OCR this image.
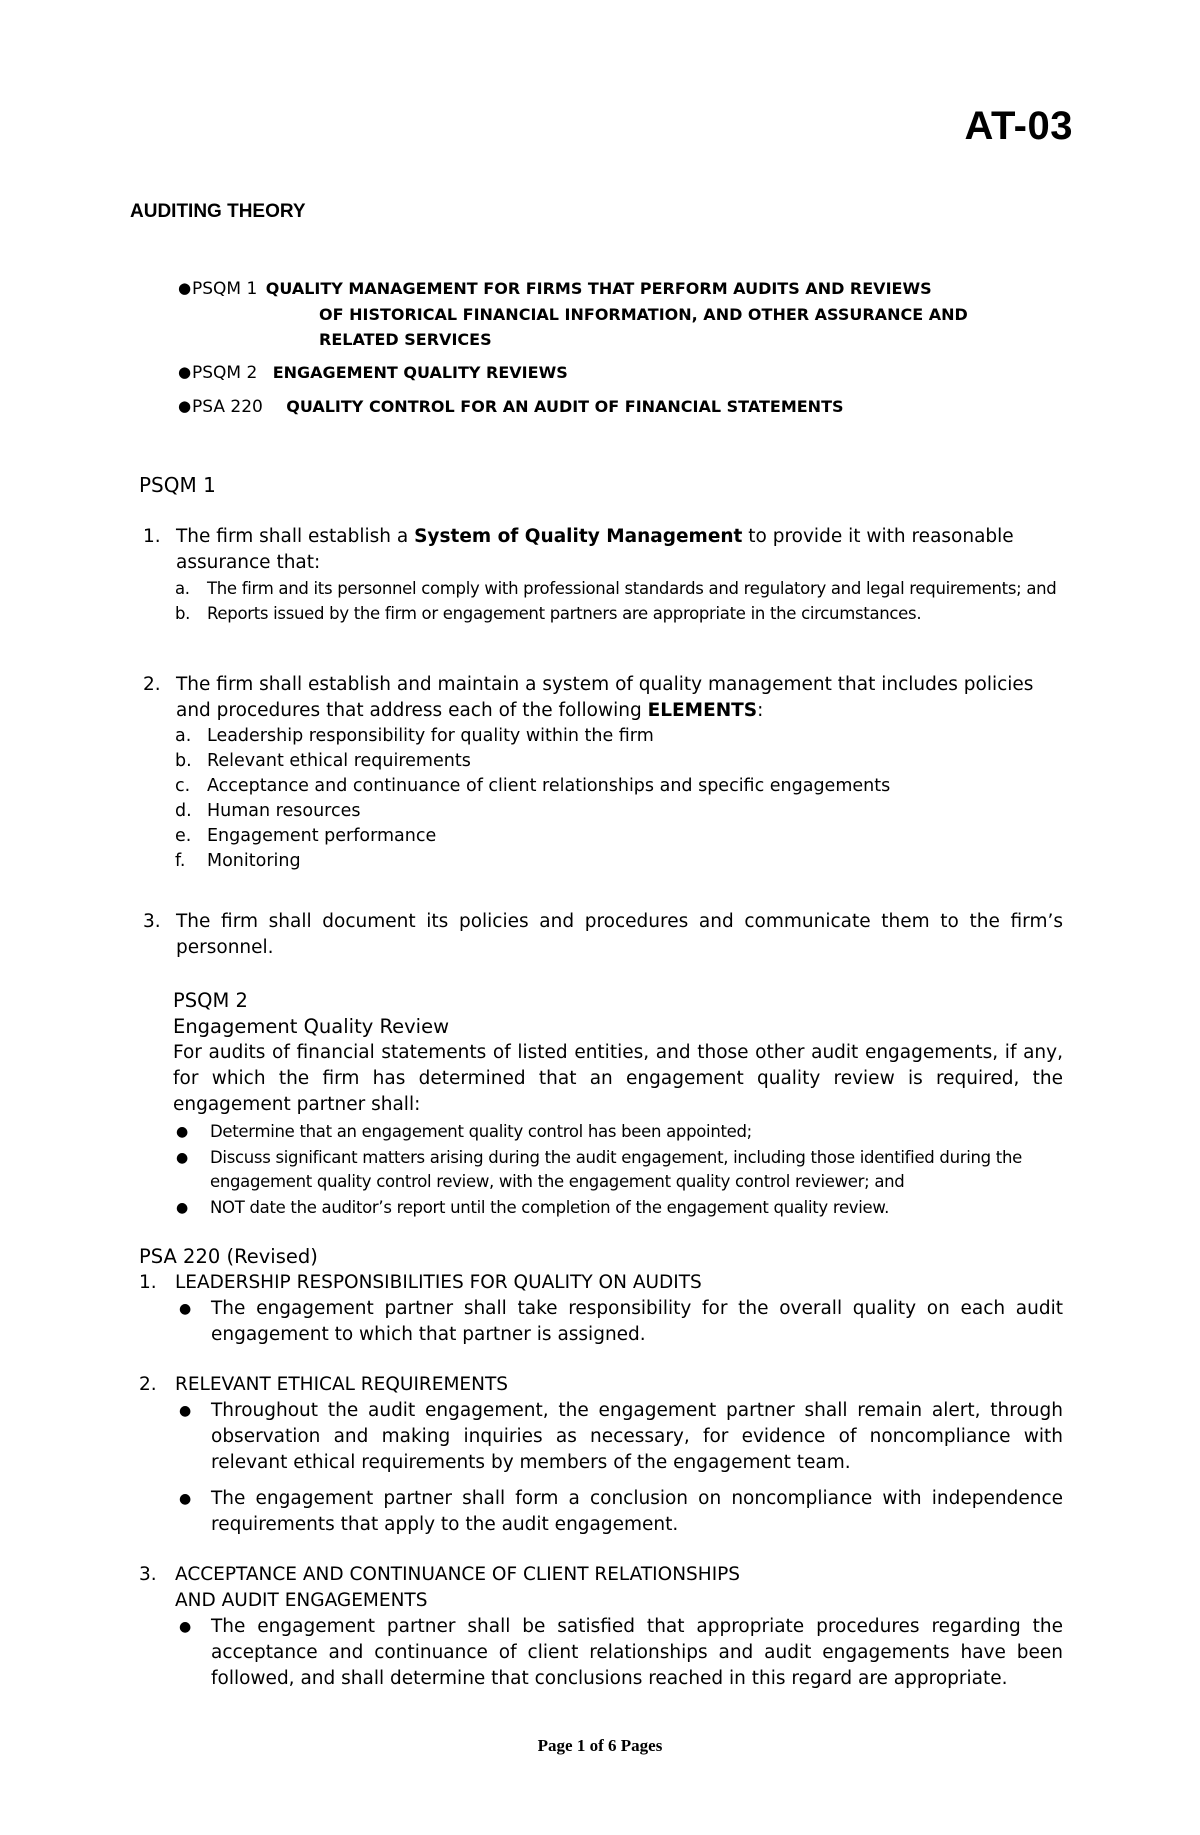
AT-03
AUDITING THEORY
● PSQM 1 QUALITY MANAGEMENT FOR FIRMS THAT PERFORM AUDITS AND REVIEWS
OF HISTORICAL FINANCIAL INFORMATION, AND OTHER ASSURANCE AND
RELATED SERVICES
● PSQM 2 ENGAGEMENT QUALITY REVIEWS
● PSA 220 QUALITY CONTROL FOR AN AUDIT OF FINANCIAL STATEMENTS
PSQM 1
1. The firm shall establish a System of Quality Management to provide it with reasonable assurance that:
a. The firm and its personnel comply with professional standards and regulatory and legal requirements; and
b. Reports issued by the firm or engagement partners are appropriate in the circumstances.
2. The firm shall establish and maintain a system of quality management that includes policies and procedures that address each of the following ELEMENTS:
a. Leadership responsibility for quality within the firm
b. Relevant ethical requirements
c. Acceptance and continuance of client relationships and specific engagements
d. Human resources
e. Engagement performance
f. Monitoring
3. The firm shall document its policies and procedures and communicate them to the firm’s personnel.
PSQM 2
Engagement Quality Review
For audits of financial statements of listed entities, and those other audit engagements, if any, for which the firm has determined that an engagement quality review is required, the engagement partner shall:
● Determine that an engagement quality control has been appointed;
● Discuss significant matters arising during the audit engagement, including those identified during the engagement quality control review, with the engagement quality control reviewer; and
● NOT date the auditor’s report until the completion of the engagement quality review.
PSA 220 (Revised)
1. LEADERSHIP RESPONSIBILITIES FOR QUALITY ON AUDITS
● The engagement partner shall take responsibility for the overall quality on each audit engagement to which that partner is assigned.
2. RELEVANT ETHICAL REQUIREMENTS
● Throughout the audit engagement, the engagement partner shall remain alert, through observation and making inquiries as necessary, for evidence of noncompliance with relevant ethical requirements by members of the engagement team.
● The engagement partner shall form a conclusion on noncompliance with independence requirements that apply to the audit engagement.
3. ACCEPTANCE AND CONTINUANCE OF CLIENT RELATIONSHIPS
AND AUDIT ENGAGEMENTS
● The engagement partner shall be satisfied that appropriate procedures regarding the acceptance and continuance of client relationships and audit engagements have been followed, and shall determine that conclusions reached in this regard are appropriate.
Page 1 of 6 Pages
